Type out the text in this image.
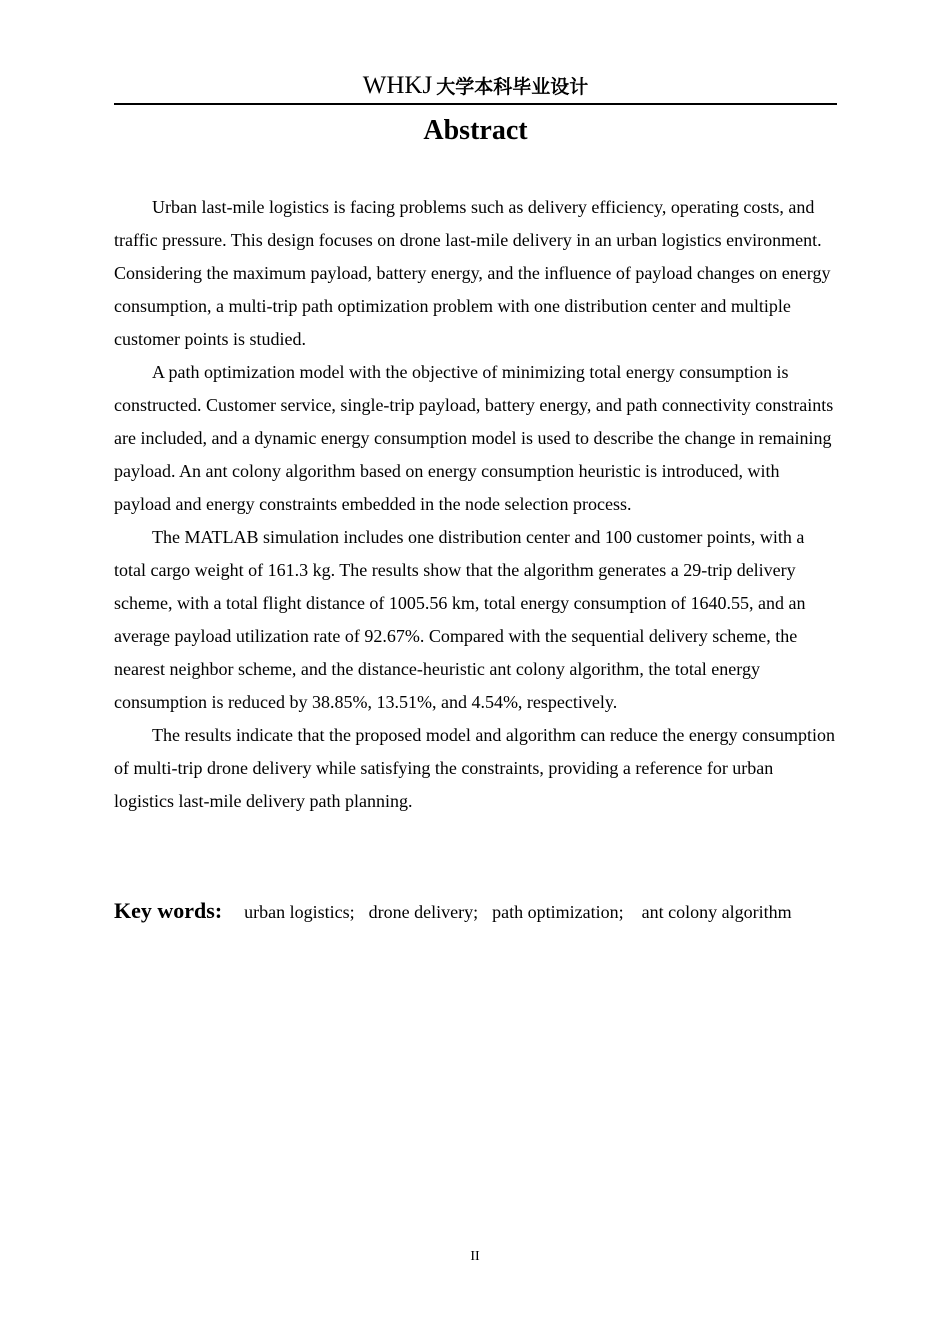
WHKJ 大学本科毕业设计
Abstract

Urban last-mile logistics is facing problems such as delivery efficiency, operating costs, and traffic pressure. This design focuses on drone last-mile delivery in an urban logistics environment. Considering the maximum payload, battery energy, and the influence of payload changes on energy consumption, a multi-trip path optimization problem with one distribution center and multiple customer points is studied.

A path optimization model with the objective of minimizing total energy consumption is constructed. Customer service, single-trip payload, battery energy, and path connectivity constraints are included, and a dynamic energy consumption model is used to describe the change in remaining payload. An ant colony algorithm based on energy consumption heuristic is introduced, with payload and energy constraints embedded in the node selection process.

The MATLAB simulation includes one distribution center and 100 customer points, with a total cargo weight of 161.3 kg. The results show that the algorithm generates a 29-trip delivery scheme, with a total flight distance of 1005.56 km, total energy consumption of 1640.55, and an average payload utilization rate of 92.67%. Compared with the sequential delivery scheme, the nearest neighbor scheme, and the distance-heuristic ant colony algorithm, the total energy consumption is reduced by 38.85%, 13.51%, and 4.54%, respectively.

The results indicate that the proposed model and algorithm can reduce the energy consumption of multi-trip drone delivery while satisfying the constraints, providing a reference for urban logistics last-mile delivery path planning.

Key words: urban logistics; drone delivery; path optimization; ant colony algorithm
II
